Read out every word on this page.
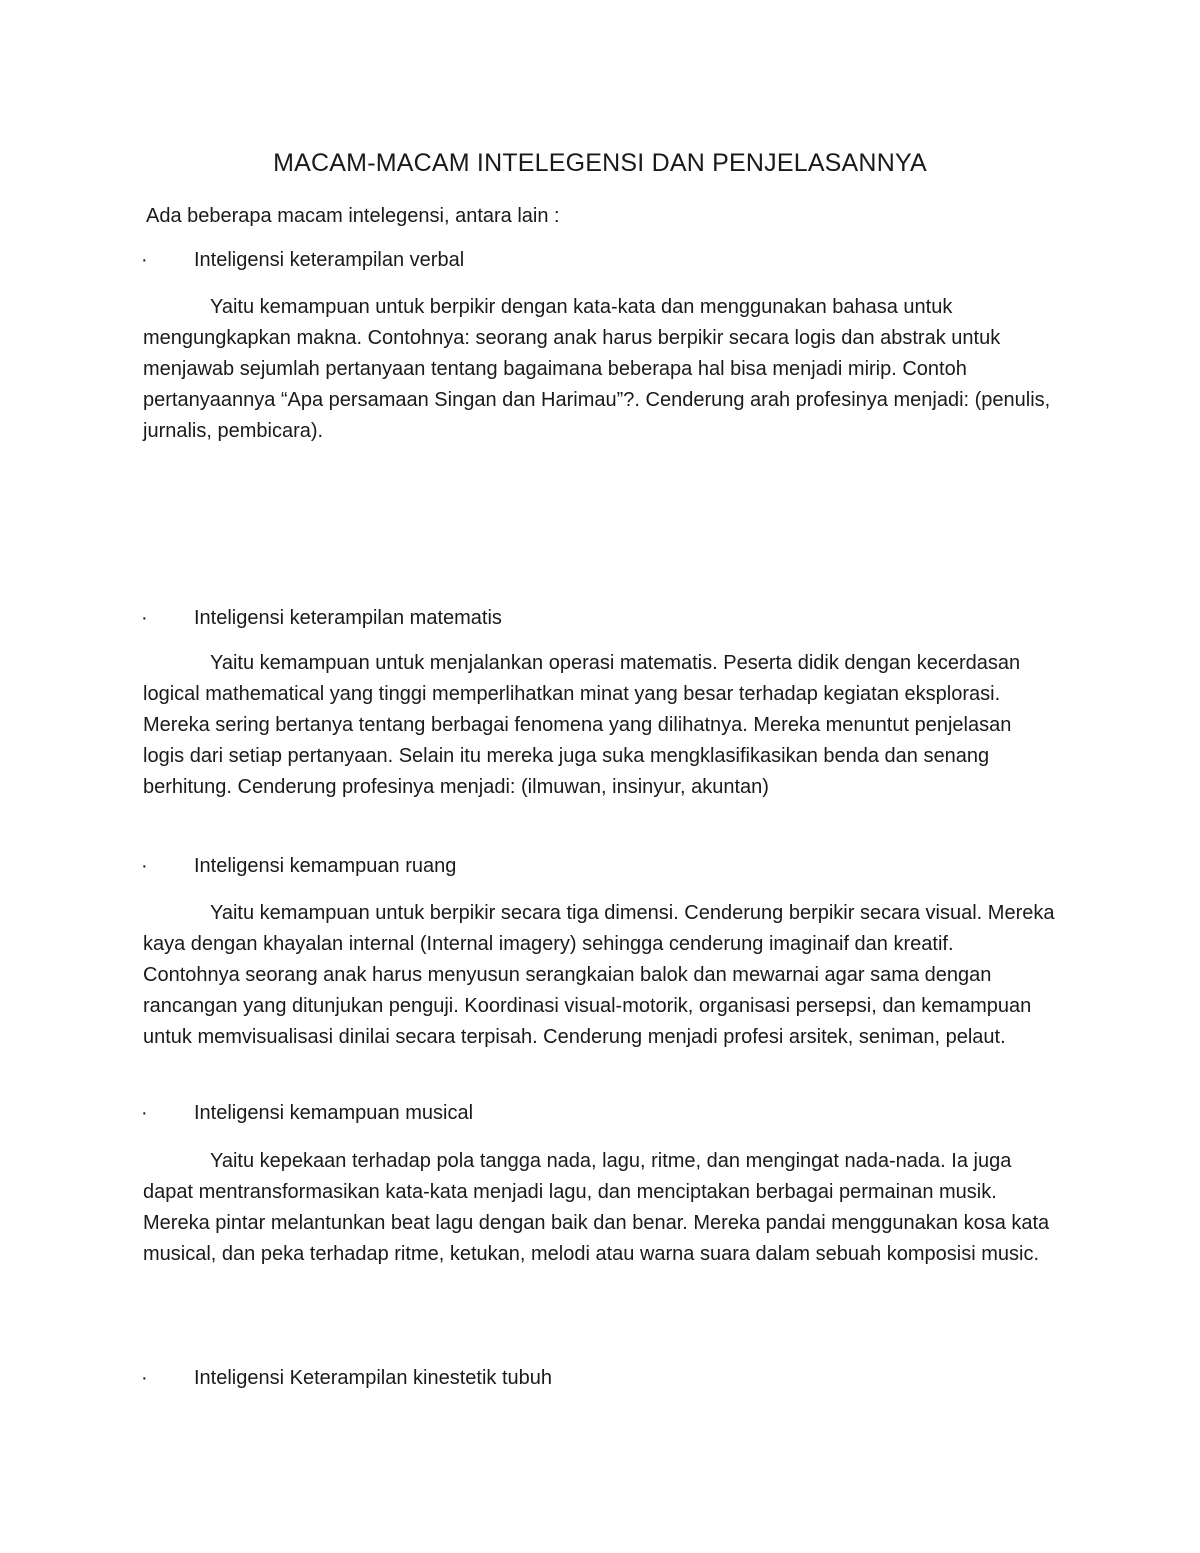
MACAM-MACAM INTELEGENSI DAN PENJELASANNYA
Ada beberapa macam intelegensi, antara lain :
· Inteligensi keterampilan verbal
Yaitu kemampuan untuk berpikir dengan kata-kata dan menggunakan bahasa untuk mengungkapkan makna. Contohnya: seorang anak harus berpikir secara logis dan abstrak untuk menjawab sejumlah pertanyaan tentang bagaimana beberapa hal bisa menjadi mirip. Contoh pertanyaannya “Apa persamaan Singan dan Harimau”?. Cenderung arah profesinya menjadi: (penulis, jurnalis, pembicara).
· Inteligensi keterampilan matematis
Yaitu kemampuan untuk menjalankan operasi matematis. Peserta didik dengan kecerdasan logical mathematical yang tinggi memperlihatkan minat yang besar terhadap kegiatan eksplorasi. Mereka sering bertanya tentang berbagai fenomena yang dilihatnya. Mereka menuntut penjelasan logis dari setiap pertanyaan. Selain itu mereka juga suka mengklasifikasikan benda dan senang berhitung. Cenderung profesinya menjadi: (ilmuwan, insinyur, akuntan)
· Inteligensi kemampuan ruang
Yaitu kemampuan untuk berpikir secara tiga dimensi. Cenderung berpikir secara visual. Mereka kaya dengan khayalan internal (Internal imagery) sehingga cenderung imaginaif dan kreatif. Contohnya seorang anak harus menyusun serangkaian balok dan mewarnai agar sama dengan rancangan yang ditunjukan penguji. Koordinasi visual-motorik, organisasi persepsi, dan kemampuan untuk memvisualisasi dinilai secara terpisah. Cenderung menjadi profesi arsitek, seniman, pelaut.
· Inteligensi kemampuan musical
Yaitu kepekaan terhadap pola tangga nada, lagu, ritme, dan mengingat nada-nada. Ia juga dapat mentransformasikan kata-kata menjadi lagu, dan menciptakan berbagai permainan musik. Mereka pintar melantunkan beat lagu dengan baik dan benar. Mereka pandai menggunakan kosa kata musical, dan peka terhadap ritme, ketukan, melodi atau warna suara dalam sebuah komposisi music.
· Inteligensi Keterampilan kinestetik tubuh
